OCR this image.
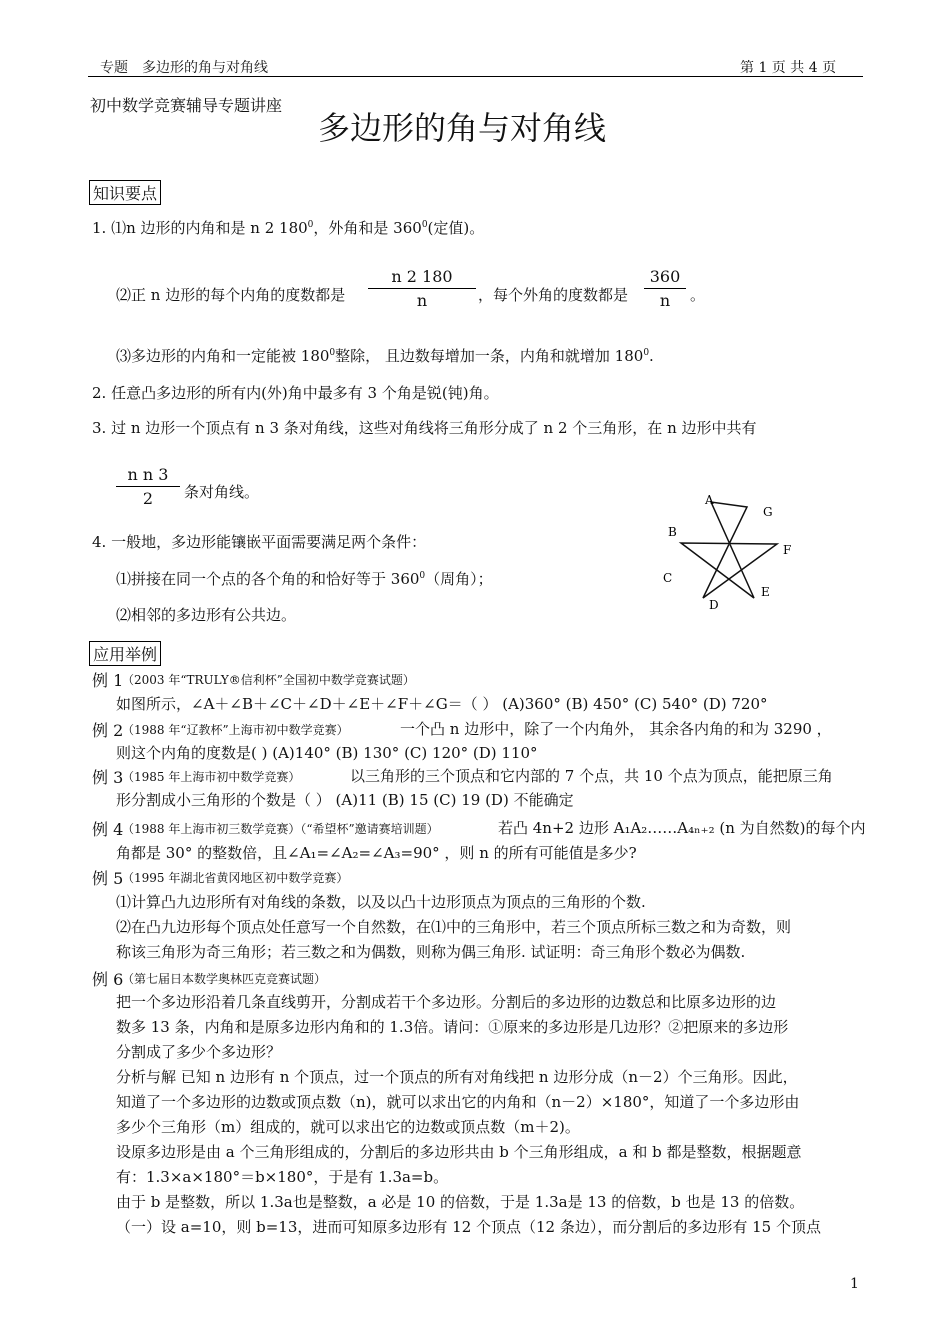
专题　多边形的角与对角线	第 1 页 共 4 页
初中数学竞赛辅导专题讲座
多边形的角与对角线
知识要点
1. ⑴n 边形的内角和是 n 2 $180^0$，外角和是 $360^0$(定值)。
⑵正 n 边形的每个内角的度数都是
n 2 180
n	，每个外角的度数都是
360
n	。
⑶多边形的内角和一定能被 $180^0$整除， 且边数每增加一条，内角和就增加 $180^0$.
2. 任意凸多边形的所有内(外)角中最多有 3 个角是锐(钝)角。
3. 过 n 边形一个顶点有 n 3 条对角线，这些对角线将三角形分成了 n 2 个三角形，在 n 边形中共有
n n 3
2	条对角线。
4. 一般地，多边形能镶嵌平面需要满足两个条件：
⑴拼接在同一个点的各个角的和恰好等于 $360^0$（周角）；
⑵相邻的多边形有公共边。
A
B
C
D
E
F
G
应用举例
例 1
（2003 年“TRULY®信利杯”全国初中数学竞赛试题）
如图所示，∠A＋∠B＋∠C＋∠D＋∠E＋∠F＋∠G＝（ ） (A)360° (B) 450° (C) 540° (D) 720°
例 2
（1988 年“辽教杯”上海市初中数学竞赛）	一个凸 n 边形中，除了一个内角外， 其余各内角的和为 3290 ，
则这个内角的度数是( ) (A)140° (B) 130° (C) 120° (D) 110°
例 3
（1985 年上海市初中数学竞赛）	以三角形的三个顶点和它内部的 7 个点，共 10 个点为顶点，能把原三角
形分割成小三角形的个数是（ ） (A)11 (B) 15 (C) 19 (D) 不能确定
例 4
（1988 年上海市初三数学竞赛）（“希望杯”邀请赛培训题）	若凸 4n+2 边形 A₁A₂……A₄ₙ₊₂ (n 为自然数)的每个内
角都是 30° 的整数倍，且∠A₁=∠A₂=∠A₃=90° ，则 n 的所有可能值是多少?
例 5
（1995 年湖北省黄冈地区初中数学竞赛）
⑴计算凸九边形所有对角线的条数，以及以凸十边形顶点为顶点的三角形的个数.
⑵在凸九边形每个顶点处任意写一个自然数，在⑴中的三角形中，若三个顶点所标三数之和为奇数，则
称该三角形为奇三角形；若三数之和为偶数，则称为偶三角形. 试证明：奇三角形个数必为偶数.
例 6
（第七届日本数学奥林匹克竞赛试题）
把一个多边形沿着几条直线剪开，分割成若干个多边形。分割后的多边形的边数总和比原多边形的边
数多 13 条，内角和是原多边形内角和的 1.3倍。请问：①原来的多边形是几边形？②把原来的多边形
分割成了多少个多边形？
分析与解 已知 n 边形有 n 个顶点，过一个顶点的所有对角线把 n 边形分成（n－2）个三角形。因此，
知道了一个多边形的边数或顶点数（n)，就可以求出它的内角和（n－2）×180°，知道了一个多边形由
多少个三角形（m）组成的，就可以求出它的边数或顶点数（m＋2)。
设原多边形是由 a 个三角形组成的，分割后的多边形共由 b 个三角形组成，a 和 b 都是整数，根据题意
有：1.3×a×180°＝b×180°，于是有 1.3a=b。
由于 b 是整数，所以 1.3a也是整数，a 必是 10 的倍数，于是 1.3a是 13 的倍数，b 也是 13 的倍数。
（一）设 a=10，则 b=13，进而可知原多边形有 12 个顶点（12 条边），而分割后的多边形有 15 个顶点
1
